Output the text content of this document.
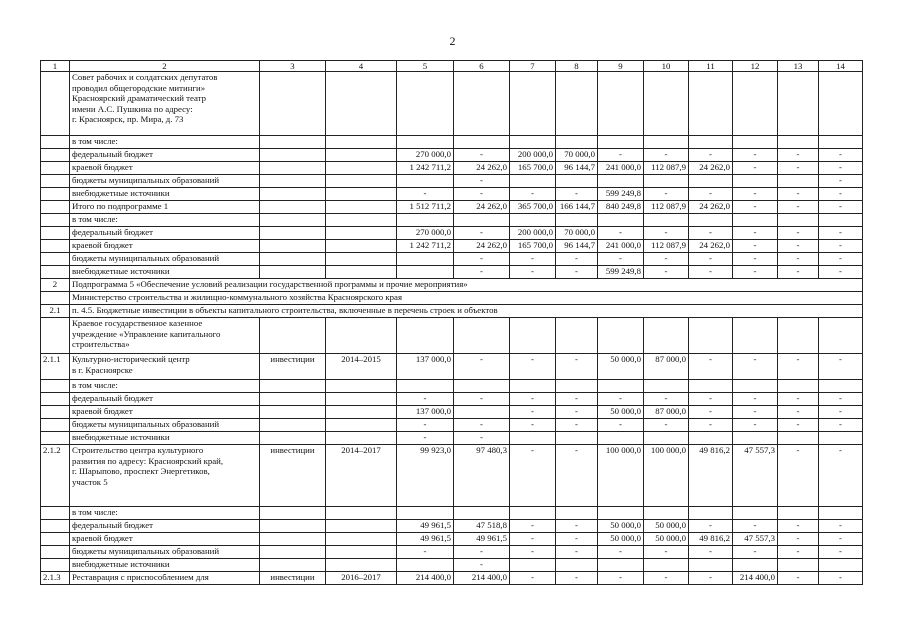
2
1	2	3	4	5	6	7	8	9	10	11	12	13	14
	Совет рабочих и солдатских депутатов
проводил общегородские митинги»
Красноярский драматический театр
имени А.С. Пушкина по адресу:
г. Красноярск, пр. Мира, д. 73												
	в том числе:												
	федеральный бюджет			270 000,0	-	200 000,0	70 000,0	-	-	-	-	-	-
	краевой бюджет			1 242 711,2	24 262,0	165 700,0	96 144,7	241 000,0	112 087,9	24 262,0	-	-	-
	бюджеты муниципальных образований				-								-
	внебюджетные источники			-	-	-	-	599 249,8	-	-	-	-	-
	Итого по подпрограмме 1			1 512 711,2	24 262,0	365 700,0	166 144,7	840 249,8	112 087,9	24 262,0	-	-	-
	в том числе:												
	федеральный бюджет			270 000,0	-	200 000,0	70 000,0	-	-	-	-	-	-
	краевой бюджет			1 242 711,2	24 262,0	165 700,0	96 144,7	241 000,0	112 087,9	24 262,0	-	-	-
	бюджеты муниципальных образований				-	-	-	-	-	-	-	-	-
	внебюджетные источники				-	-	-	599 249,8	-	-	-	-	-
2	Подпрограмма 5 «Обеспечение условий реализации государственной программы и прочие мероприятия»												
	Министерство строительства и жилищно-коммунального хозяйства Красноярского края												
2.1	п. 4.5. Бюджетные инвестиции в объекты капитального строительства, включенные в перечень строек и объектов												
	Краевое государственное казенное
учреждение «Управление капитального
строительства»												
2.1.1	Культурно-исторический центр
в г. Красноярске	инвестиции	2014–2015	137 000,0	-	-	-	50 000,0	87 000,0	-	-	-	-
	в том числе:												
	федеральный бюджет			-	-	-	-	-	-	-	-	-	-
	краевой бюджет			137 000,0		-	-	50 000,0	87 000,0	-	-	-	-
	бюджеты муниципальных образований			-	-	-	-	-	-	-	-	-	-
	внебюджетные источники			-	-								
2.1.2	Строительство центра культурного
развития по адресу: Красноярский край,
г. Шарыпово, проспект Энергетиков,
участок 5	инвестиции	2014–2017	99 923,0	97 480,3	-	-	100 000,0	100 000,0	49 816,2	47 557,3	-	-
	в том числе:												
	федеральный бюджет			49 961,5	47 518,8	-	-	50 000,0	50 000,0	-	-	-	-
	краевой бюджет			49 961,5	49 961,5	-	-	50 000,0	50 000,0	49 816,2	47 557,3	-	-
	бюджеты муниципальных образований			-	-	-	-	-	-	-	-	-	-
	внебюджетные источники				-								
2.1.3	Реставрация с приспособлением для	инвестиции	2016–2017	214 400,0	214 400,0	-	-	-	-	-	214 400,0	-	-
